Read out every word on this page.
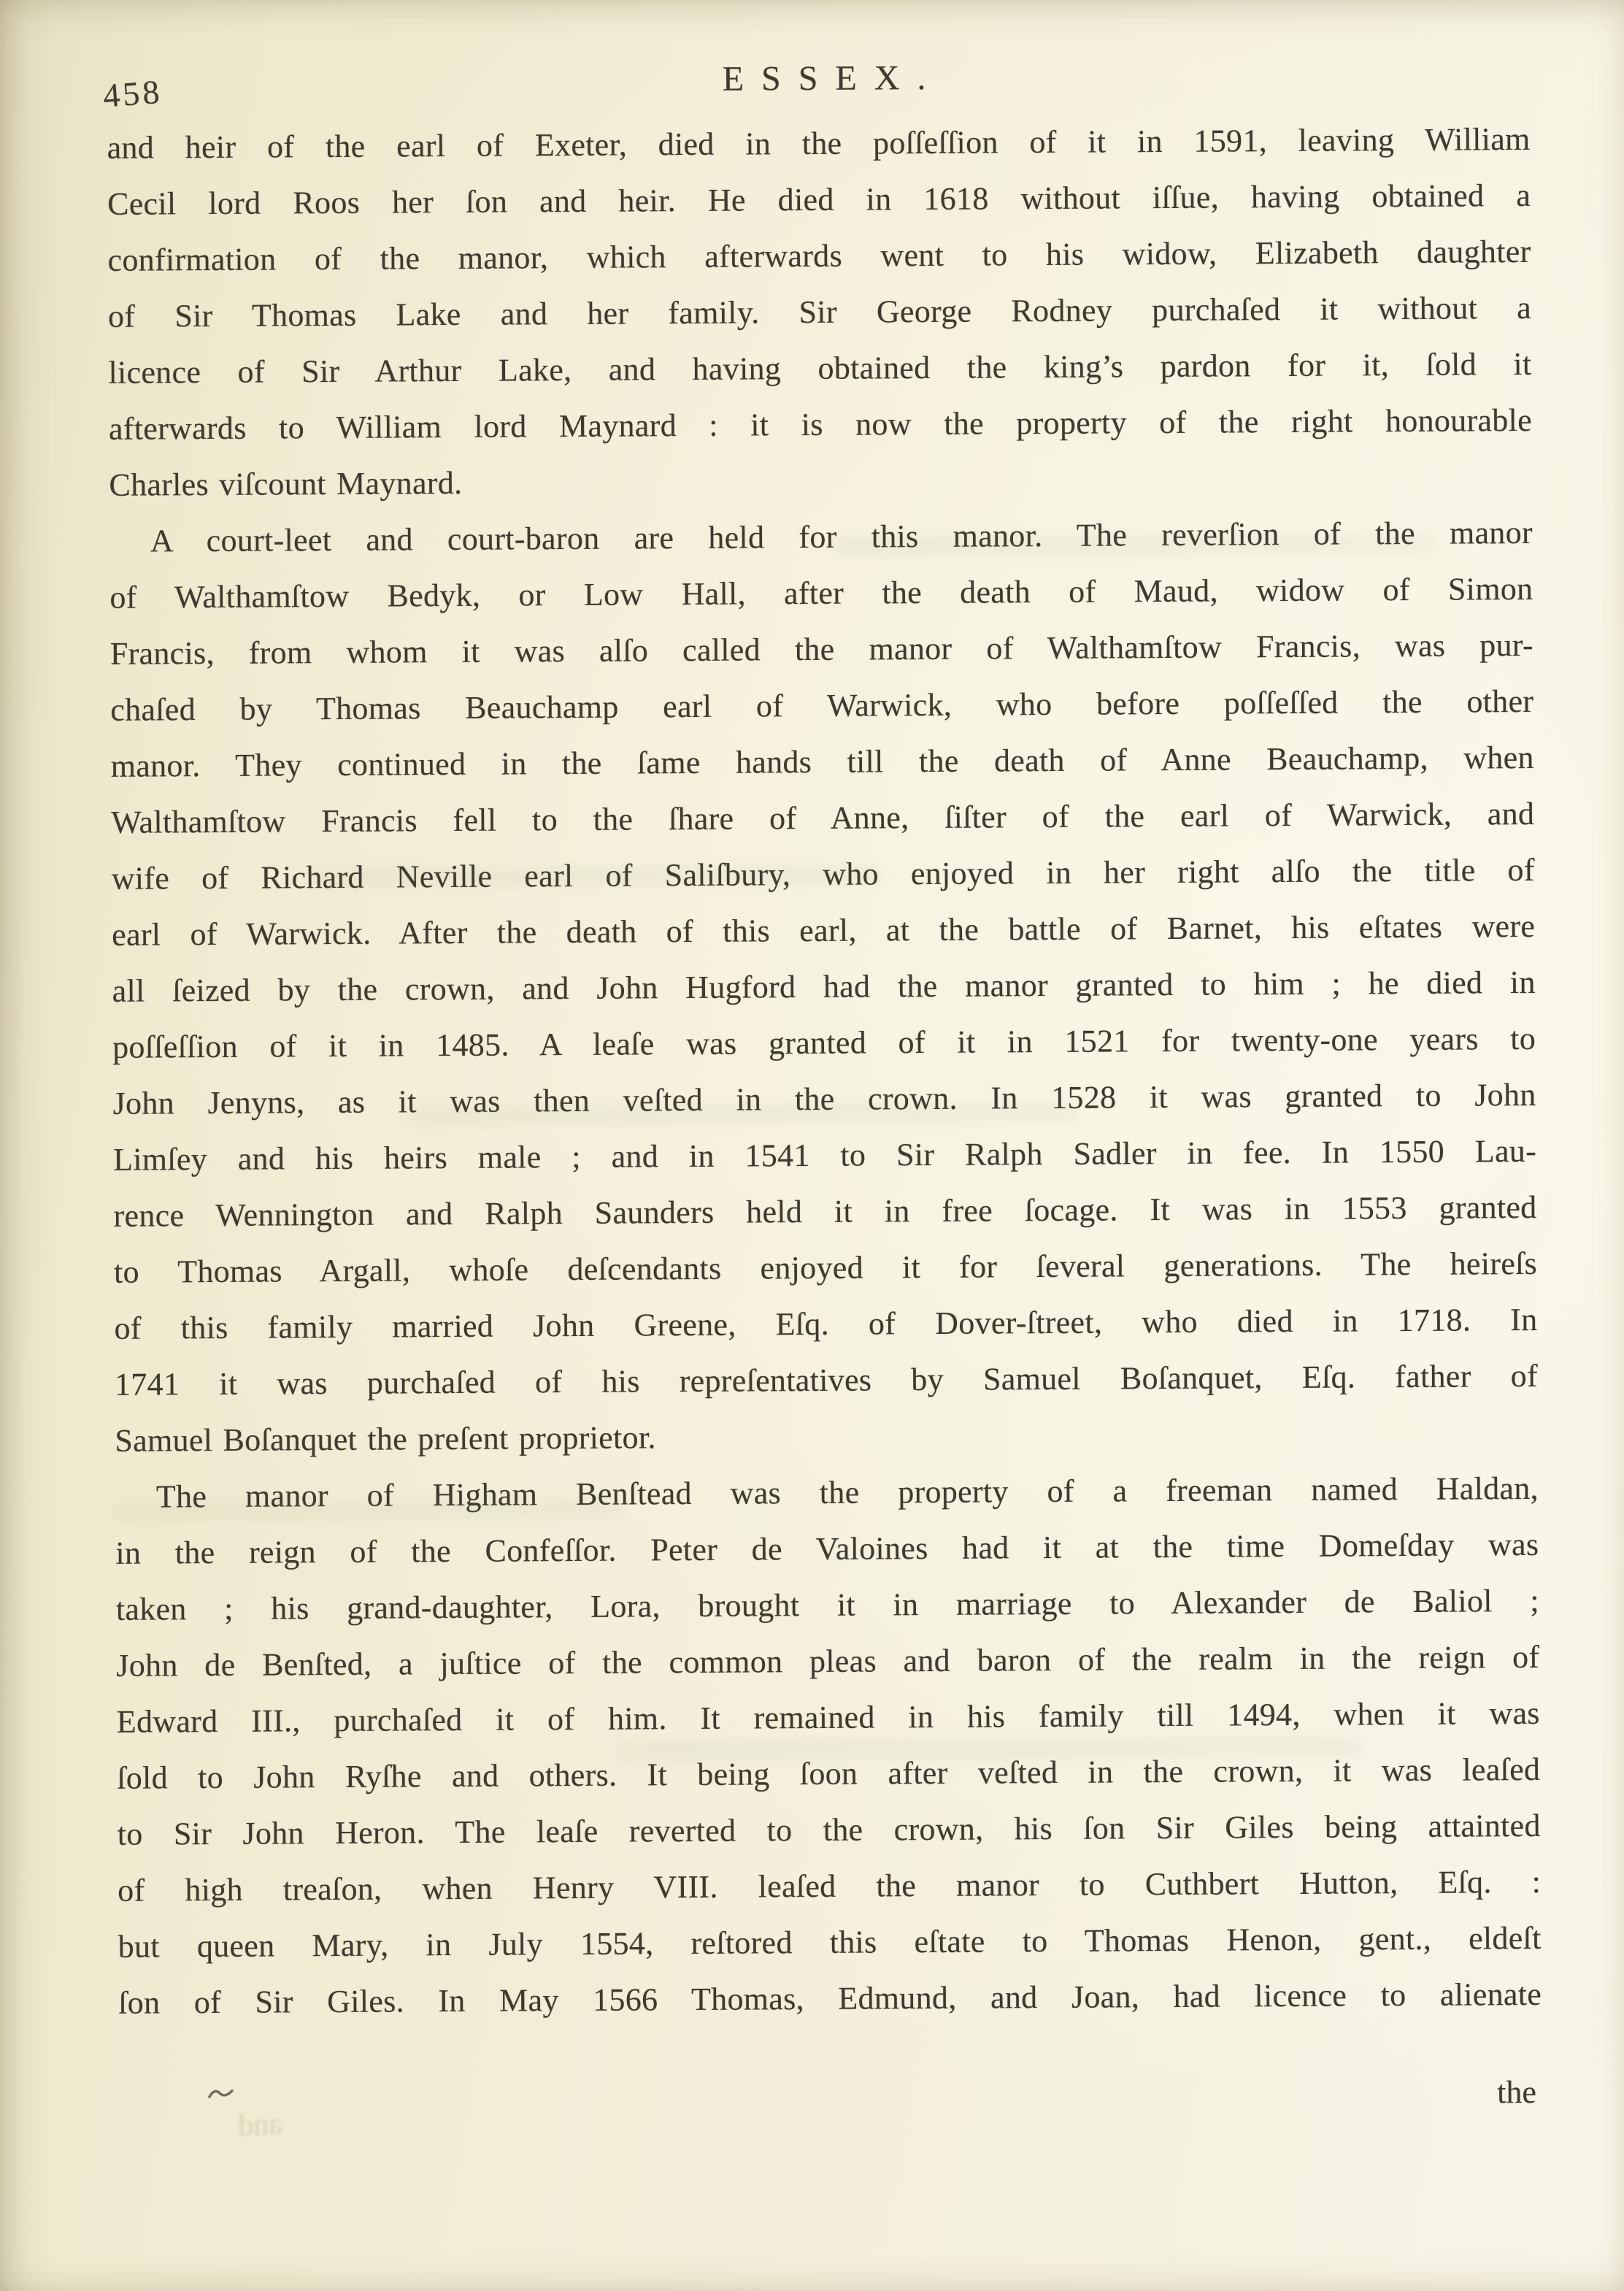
458	ESSEX.
and heir of the earl of Exeter, died in the poſſeſſion of it in 1591, leaving William
Cecil lord Roos her ſon and heir. He died in 1618 without iſſue, having obtained a
confirmation of the manor, which afterwards went to his widow, Elizabeth daughter
of Sir Thomas Lake and her family. Sir George Rodney purchaſed it without a
licence of Sir Arthur Lake, and having obtained the king’s pardon for it, ſold it
afterwards to William lord Maynard : it is now the property of the right honourable
Charles viſcount Maynard.
A court-leet and court-baron are held for this manor. The reverſion of the manor
of Walthamſtow Bedyk, or Low Hall, after the death of Maud, widow of Simon
Francis, from whom it was alſo called the manor of Walthamſtow Francis, was pur-
chaſed by Thomas Beauchamp earl of Warwick, who before poſſeſſed the other
manor. They continued in the ſame hands till the death of Anne Beauchamp, when
Walthamſtow Francis fell to the ſhare of Anne, ſiſter of the earl of Warwick, and
wife of Richard Neville earl of Saliſbury, who enjoyed in her right alſo the title of
earl of Warwick. After the death of this earl, at the battle of Barnet, his eſtates were
all ſeized by the crown, and John Hugford had the manor granted to him ; he died in
poſſeſſion of it in 1485. A leaſe was granted of it in 1521 for twenty-one years to
John Jenyns, as it was then veſted in the crown. In 1528 it was granted to John
Limſey and his heirs male ; and in 1541 to Sir Ralph Sadler in fee. In 1550 Lau-
rence Wennington and Ralph Saunders held it in free ſocage. It was in 1553 granted
to Thomas Argall, whoſe deſcendants enjoyed it for ſeveral generations. The heireſs
of this family married John Greene, Eſq. of Dover-ſtreet, who died in 1718. In
1741 it was purchaſed of his repreſentatives by Samuel Boſanquet, Eſq. father of
Samuel Boſanquet the preſent proprietor.
The manor of Higham Benſtead was the property of a freeman named Haldan,
in the reign of the Confeſſor. Peter de Valoines had it at the time Domeſday was
taken ; his grand-daughter, Lora, brought it in marriage to Alexander de Baliol ;
John de Benſted, a juſtice of the common pleas and baron of the realm in the reign of
Edward III., purchaſed it of him. It remained in his family till 1494, when it was
ſold to John Ryſhe and others. It being ſoon after veſted in the crown, it was leaſed
to Sir John Heron. The leaſe reverted to the crown, his ſon Sir Giles being attainted
of high treaſon, when Henry VIII. leaſed the manor to Cuthbert Hutton, Eſq. :
but queen Mary, in July 1554, reſtored this eſtate to Thomas Henon, gent., eldeſt
ſon of Sir Giles. In May 1566 Thomas, Edmund, and Joan, had licence to alienate
the
and
